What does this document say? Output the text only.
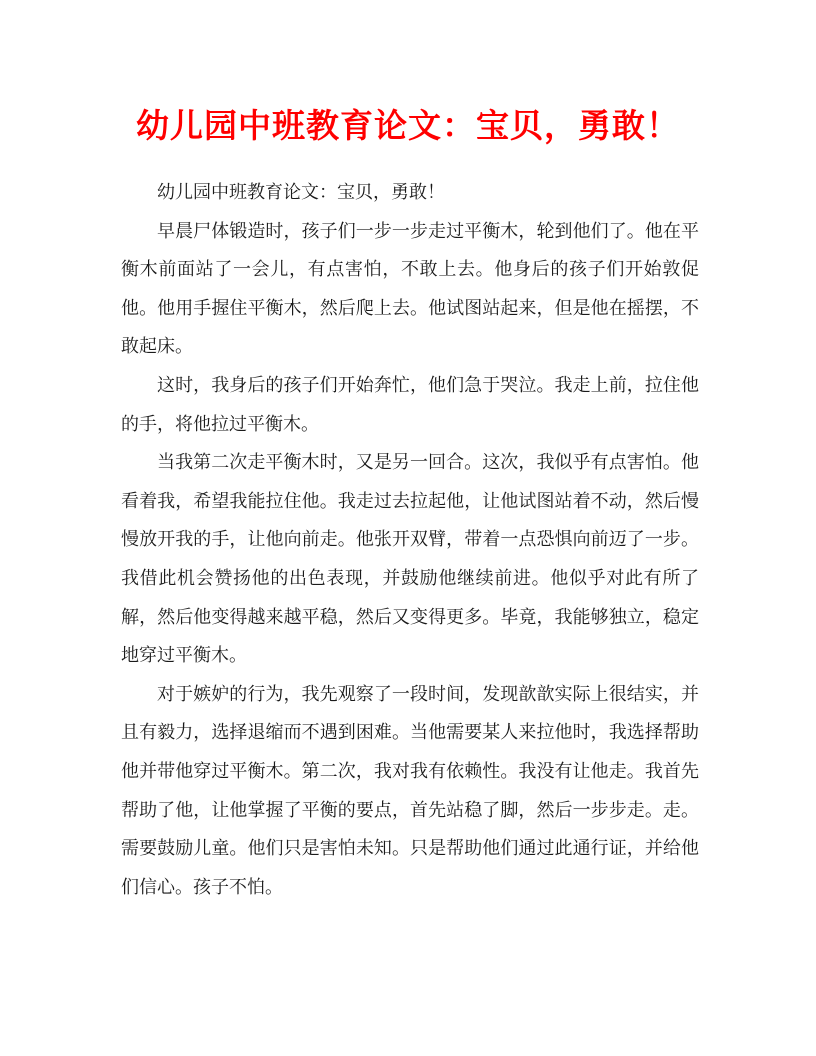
幼儿园中班教育论文：宝贝，勇敢！

幼儿园中班教育论文：宝贝，勇敢！

早晨尸体锻造时，孩子们一步一步走过平衡木，轮到他们了。他在平衡木前面站了一会儿，有点害怕，不敢上去。他身后的孩子们开始敦促他。他用手握住平衡木，然后爬上去。他试图站起来，但是他在摇摆，不敢起床。

这时，我身后的孩子们开始奔忙，他们急于哭泣。我走上前，拉住他的手，将他拉过平衡木。

当我第二次走平衡木时，又是另一回合。这次，我似乎有点害怕。他看着我，希望我能拉住他。我走过去拉起他，让他试图站着不动，然后慢慢放开我的手，让他向前走。他张开双臂，带着一点恐惧向前迈了一步。我借此机会赞扬他的出色表现，并鼓励他继续前进。他似乎对此有所了解，然后他变得越来越平稳，然后又变得更多。毕竟，我能够独立，稳定地穿过平衡木。

对于嫉妒的行为，我先观察了一段时间，发现歆歆实际上很结实，并且有毅力，选择退缩而不遇到困难。当他需要某人来拉他时，我选择帮助他并带他穿过平衡木。第二次，我对我有依赖性。我没有让他走。我首先帮助了他，让他掌握了平衡的要点，首先站稳了脚，然后一步步走。走。需要鼓励儿童。他们只是害怕未知。只是帮助他们通过此通行证，并给他们信心。孩子不怕。
